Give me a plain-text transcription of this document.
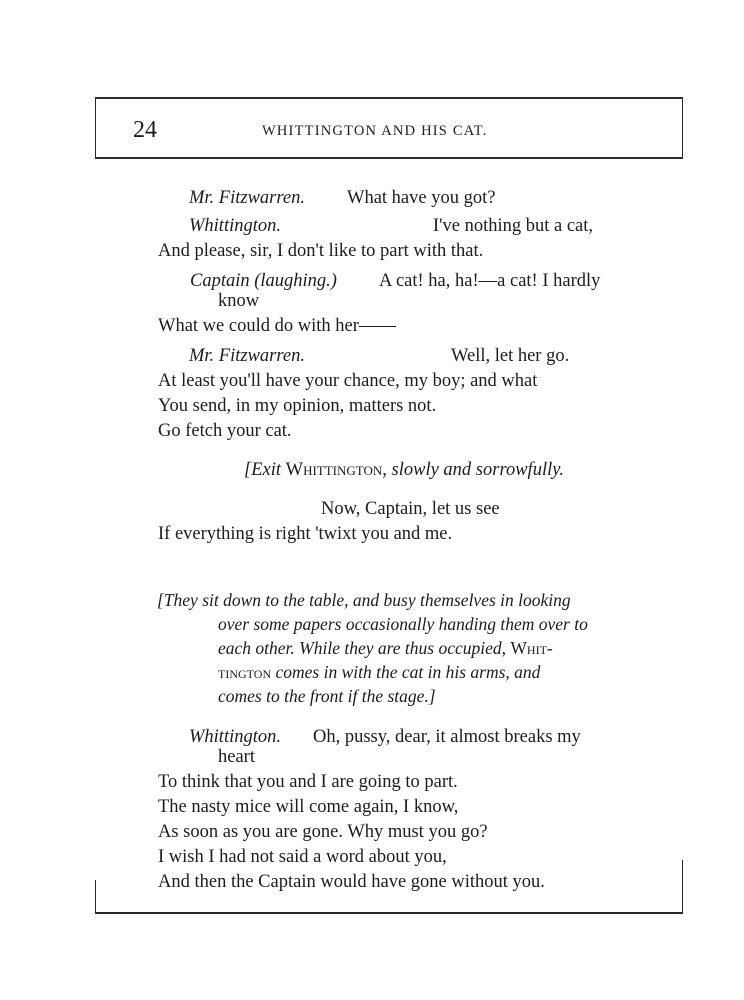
24	WHITTINGTON AND HIS CAT.
Mr. Fitzwarren. What have you got?
Whittington.	I've nothing but a cat,
And please, sir, I don't like to part with that.
Captain (laughing.) A cat! ha, ha!—a cat! I hardly
know
What we could do with her——
Mr. Fitzwarren.	Well, let her go.
At least you'll have your chance, my boy; and what
You send, in my opinion, matters not.
Go fetch your cat.
[Exit Whittington, slowly and sorrowfully.
Now, Captain, let us see
If everything is right 'twixt you and me.
[They sit down to the table, and busy themselves in looking
over some papers occasionally handing them over to
each other. While they are thus occupied, Whit-
tington comes in with the cat in his arms, and
comes to the front if the stage.]
Whittington. Oh, pussy, dear, it almost breaks my
heart
To think that you and I are going to part.
The nasty mice will come again, I know,
As soon as you are gone. Why must you go?
I wish I had not said a word about you,
And then the Captain would have gone without you.
